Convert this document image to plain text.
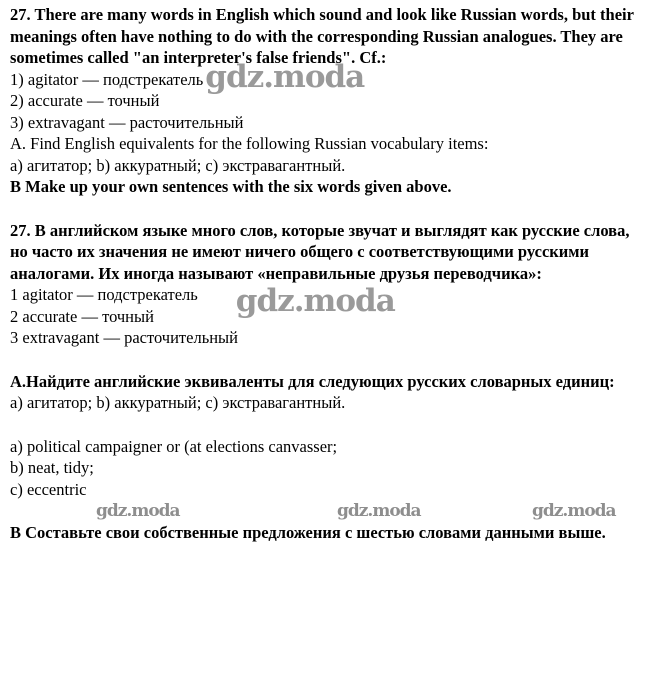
27. There are many words in English which sound and look like Russian words, but their meanings often have nothing to do with the corresponding Russian analogues. They are sometimes called "an interpreter's false friends". Cf.:

1) agitator — подстрекатель gdz.moda

2) accurate — точный

3) extravagant — расточительный

A. Find English equivalents for the following Russian vocabulary items:

a) агитатор; b) аккуратный; c) экстравагантный.

B Make up your own sentences with the six words given above.

27. В английском языке много слов, которые звучат и выглядят как русские слова, но часто их значения не имеют ничего общего с соответствующими русскими аналогами. Их иногда называют «неправильные друзья переводчика»:

1 agitator — подстрекатель gdz.moda

2 accurate — точный

3 extravagant — расточительный

А.Найдите английские эквиваленты для следующих русских словарных единиц:

а) агитатор; b) аккуратный; c) экстравагантный.

a) political campaigner or (at elections canvasser;

b) neat, tidy;

c) eccentric

gdz.moda	gdz.moda	gdz.moda

В Составьте свои собственные предложения с шестью словами данными выше.
